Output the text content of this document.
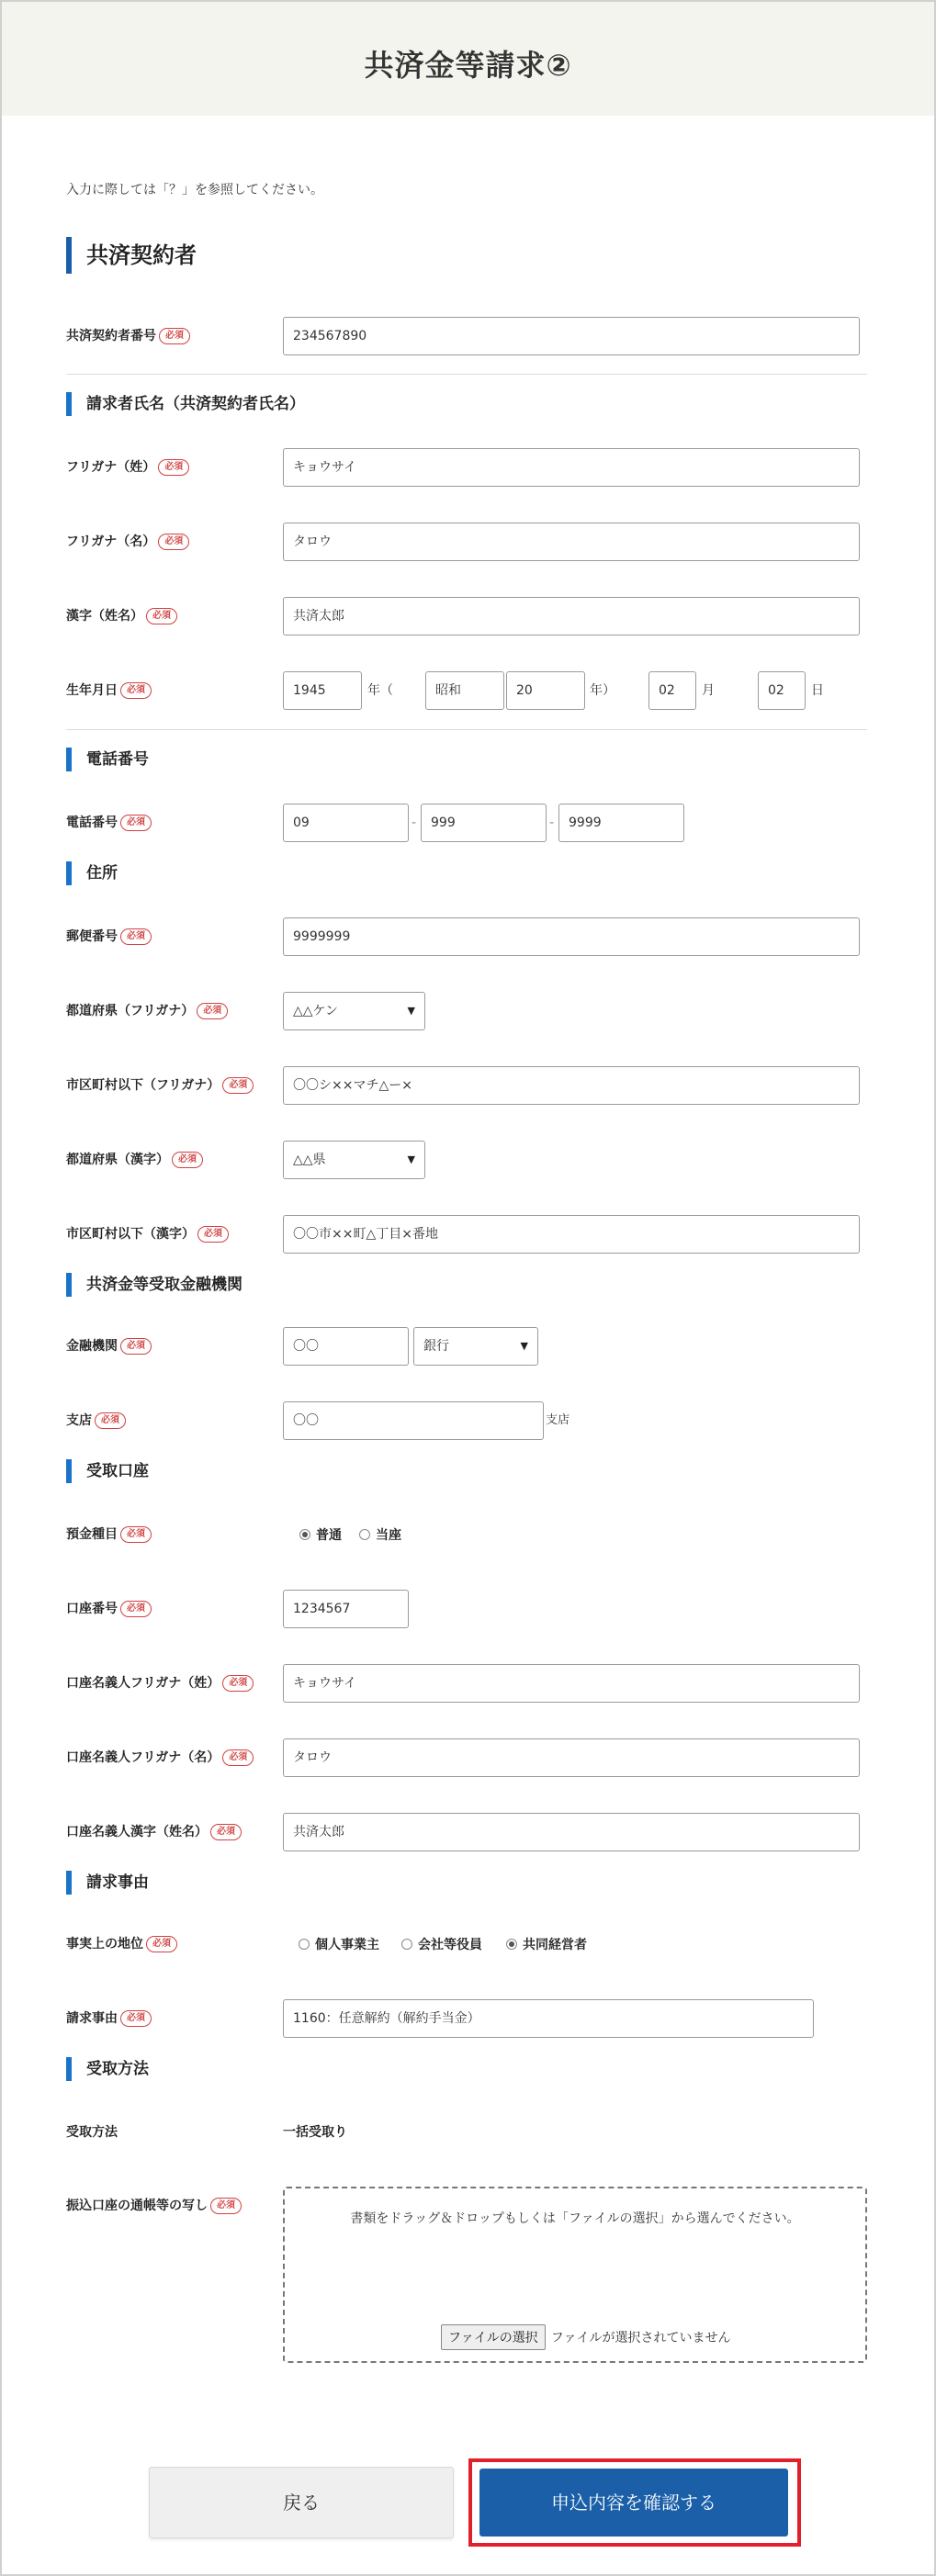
共済金等請求②
入力に際しては「？」を参照してください。
共済契約者
共済契約者番号	必須	234567890
請求者氏名（共済契約者氏名）
フリガナ（姓）	必須	キョウサイ
フリガナ（名）	必須	タロウ
漢字（姓名）	必須	共済太郎
生年月日	必須	1945	年（	昭和	20	年）	02	月	02	日
電話番号
電話番号	必須	09	-	999	-	9999
住所
郵便番号	必須	9999999
都道府県（フリガナ）	必須	△△ケン	▼
市区町村以下（フリガナ）	必須	〇〇シ××マチ△ー×
都道府県（漢字）	必須	△△県	▼
市区町村以下（漢字）	必須	〇〇市××町△丁目×番地
共済金等受取金融機関
金融機関	必須	〇〇	銀行	▼
支店	必須	〇〇	支店
受取口座
預金種目	必須	普通	当座
口座番号	必須	1234567
口座名義人フリガナ（姓）	必須	キョウサイ
口座名義人フリガナ（名）	必須	タロウ
口座名義人漢字（姓名）	必須	共済太郎
請求事由
事実上の地位	必須	個人事業主	会社等役員	共同経営者
請求事由	必須	1160：任意解約（解約手当金）
受取方法
受取方法	一括受取り
振込口座の通帳等の写し	必須
書類をドラッグ＆ドロップもしくは「ファイルの選択」から選んでください。
ファイルの選択	ファイルが選択されていません
戻る	申込内容を確認する
